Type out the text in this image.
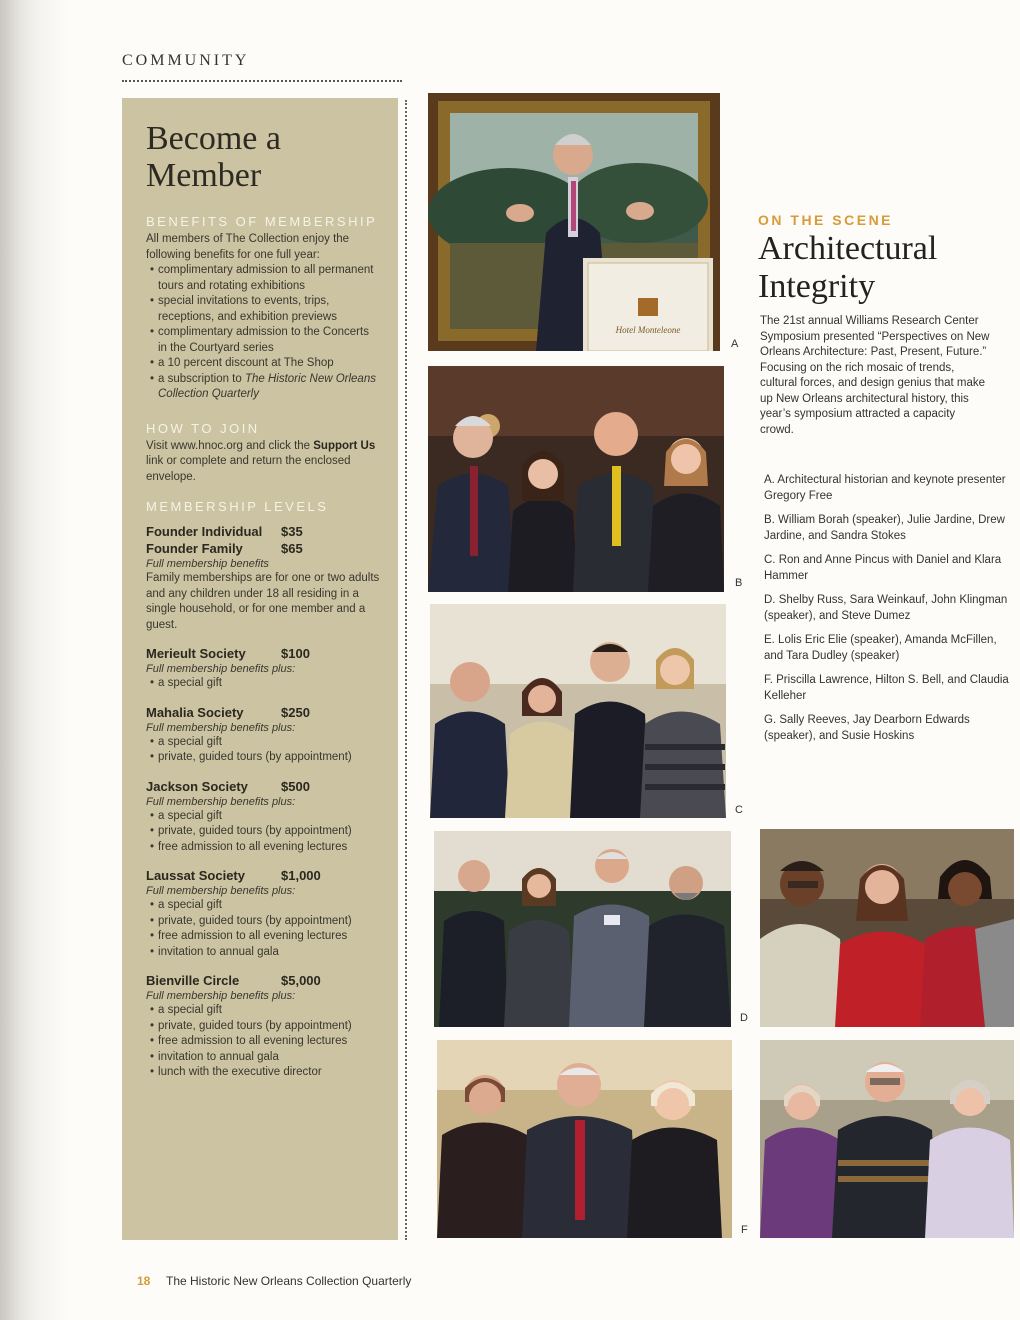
COMMUNITY
Become a
Member
BENEFITS OF MEMBERSHIP
All members of The Collection enjoy the following benefits for one full year:
• complimentary admission to all permanent tours and rotating exhibitions
• special invitations to events, trips, receptions, and exhibition previews
• complimentary admission to the Concerts in the Courtyard series
• a 10 percent discount at The Shop
• a subscription to The Historic New Orleans Collection Quarterly
HOW TO JOIN
Visit www.hnoc.org and click the Support Us link or complete and return the enclosed envelope.
MEMBERSHIP LEVELS
Founder Individual	$35
Founder Family	$65
Full membership benefits
Family memberships are for one or two adults and any children under 18 all residing in a single household, or for one member and a guest.
Merieult Society	$100
Full membership benefits plus:
• a special gift
Mahalia Society	$250
Full membership benefits plus:
• a special gift
• private, guided tours (by appointment)
Jackson Society	$500
Full membership benefits plus:
• a special gift
• private, guided tours (by appointment)
• free admission to all evening lectures
Laussat Society	$1,000
Full membership benefits plus:
• a special gift
• private, guided tours (by appointment)
• free admission to all evening lectures
• invitation to annual gala
Bienville Circle	$5,000
Full membership benefits plus:
• a special gift
• private, guided tours (by appointment)
• free admission to all evening lectures
• invitation to annual gala
• lunch with the executive director
Hotel Monteleone
A
B
C
D
F
ON THE SCENE
Architectural
Integrity
The 21st annual Williams Research Center Symposium presented “Perspectives on New Orleans Architecture: Past, Present, Future.” Focusing on the rich mosaic of trends, cultural forces, and design genius that make up New Orleans architectural history, this year’s symposium attracted a capacity crowd.
A. Architectural historian and keynote presenter Gregory Free
B. William Borah (speaker), Julie Jardine, Drew Jardine, and Sandra Stokes
C. Ron and Anne Pincus with Daniel and Klara Hammer
D. Shelby Russ, Sara Weinkauf, John Klingman (speaker), and Steve Dumez
E. Lolis Eric Elie (speaker), Amanda McFillen, and Tara Dudley (speaker)
F. Priscilla Lawrence, Hilton S. Bell, and Claudia Kelleher
G. Sally Reeves, Jay Dearborn Edwards (speaker), and Susie Hoskins
18 The Historic New Orleans Collection Quarterly
